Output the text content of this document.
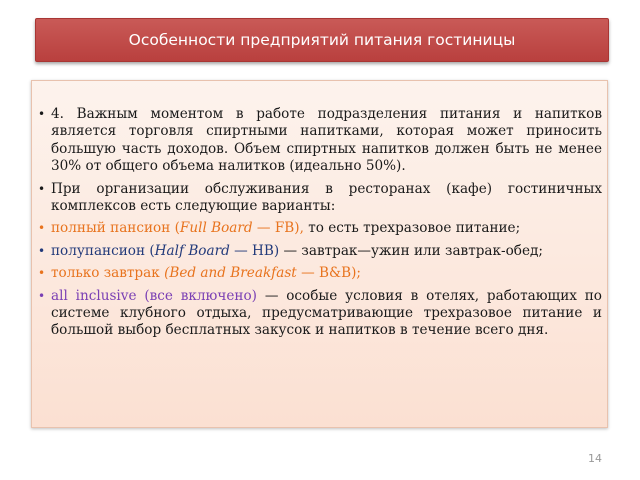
Особенности предприятий питания гостиницы
• 4. Важным моментом в работе подразделения питания и напитков является торговля спиртными напитками, которая может приносить большую часть доходов. Объем спиртных напитков должен быть не менее 30% от общего объема налитков (идеально 50%).
• При организации обслуживания в ресторанах (кафе) гостиничных комплексов есть следующие варианты:
• полный пансион (Full Board — FB), то есть трехразовое питание;
• полупансион (Half Board — HB) — завтрак—ужин или завтрак-обед;
• только завтрак (Bed and Breakfast — B&B);
• all inclusive (все включено) — особые условия в отелях, работающих по системе клубного отдыха, предусматривающие трехразовое питание и большой выбор бесплатных закусок и напитков в течение всего дня.
14
